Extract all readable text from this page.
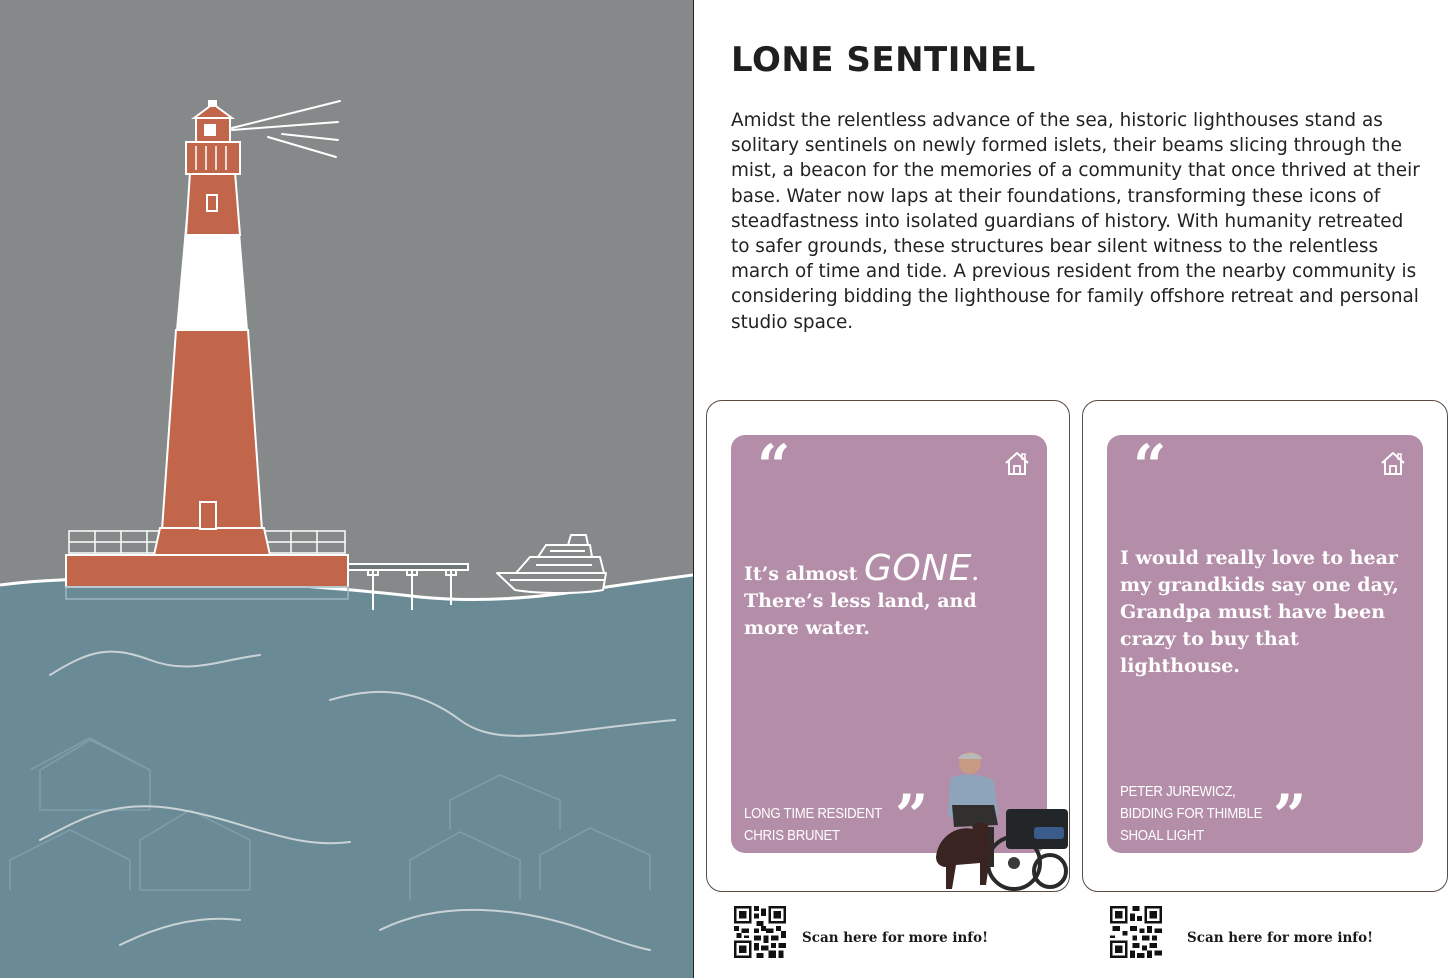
LONE SENTINEL

Amidst the relentless advance of the sea, historic lighthouses stand as solitary sentinels on newly formed islets, their beams slicing through the mist, a beacon for the memories of a community that once thrived at their base. Water now laps at their foundations, transforming these icons of steadfastness into isolated guardians of history. With humanity retreated to safer grounds, these structures bear silent witness to the relentless march of time and tide. A previous resident from the nearby community is considering bidding the lighthouse for family offshore retreat and personal studio space.

“

It’s almost GONE.
There’s less land, and more water.

LONG TIME RESIDENT
CHRIS BRUNET ”
“

I would really love to hear my grandkids say one day, Grandpa must have been crazy to buy that lighthouse.

PETER JUREWICZ,
BIDDING FOR THIMBLE
SHOAL LIGHT ”
Scan here for more info!	Scan here for more info!
